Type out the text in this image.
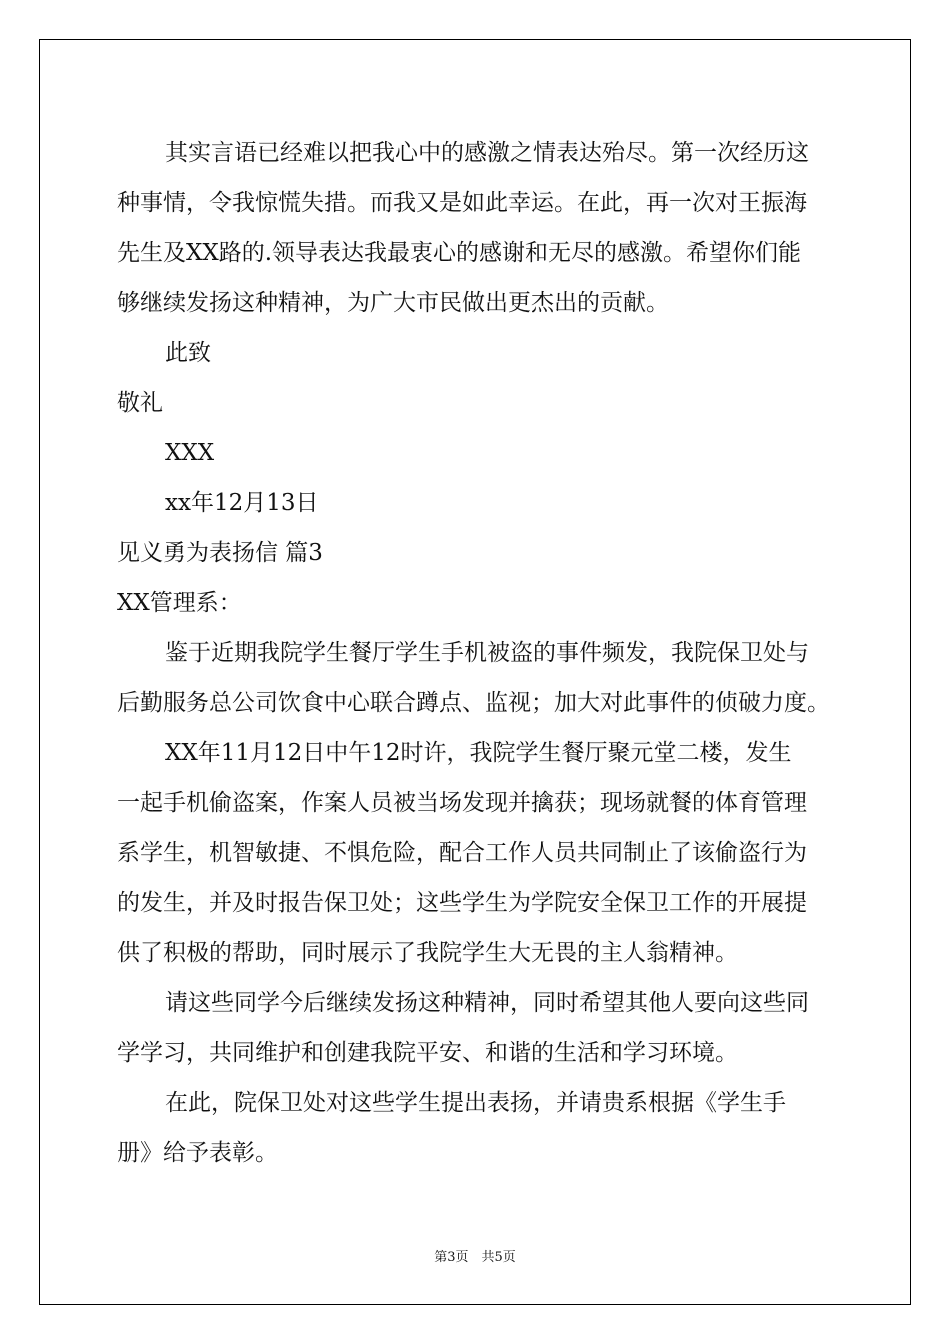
其实言语已经难以把我心中的感激之情表达殆尽。第一次经历这
种事情，令我惊慌失措。而我又是如此幸运。在此，再一次对王振海
先生及XX路的.领导表达我最衷心的感谢和无尽的感激。希望你们能
够继续发扬这种精神，为广大市民做出更杰出的贡献。
此致
敬礼
XXX
xx年12月13日
见义勇为表扬信 篇3
XX管理系：
鉴于近期我院学生餐厅学生手机被盗的事件频发，我院保卫处与
后勤服务总公司饮食中心联合蹲点、监视；加大对此事件的侦破力度。
XX年11月12日中午12时许，我院学生餐厅聚元堂二楼，发生
一起手机偷盗案，作案人员被当场发现并擒获；现场就餐的体育管理
系学生，机智敏捷、不惧危险，配合工作人员共同制止了该偷盗行为
的发生，并及时报告保卫处；这些学生为学院安全保卫工作的开展提
供了积极的帮助，同时展示了我院学生大无畏的主人翁精神。
请这些同学今后继续发扬这种精神，同时希望其他人要向这些同
学学习，共同维护和创建我院平安、和谐的生活和学习环境。
在此，院保卫处对这些学生提出表扬，并请贵系根据《学生手
册》给予表彰。
第3页　共5页
